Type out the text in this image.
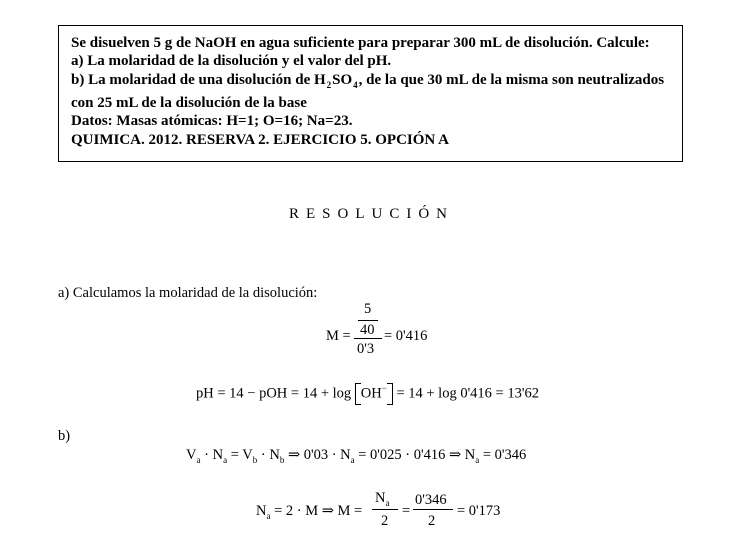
Se disuelven 5 g de NaOH en agua suficiente para preparar 300 mL de disolución. Calcule:
a) La molaridad de la disolución y el valor del pH.
b) La molaridad de una disolución de $H_2SO_4$, de la que 30 mL de la misma son neutralizados
con 25 mL de la disolución de la base
Datos: Masas atómicas: H=1; O=16; Na=23.
QUIMICA. 2012. RESERVA 2. EJERCICIO 5. OPCIÓN A
RESOLUCIÓN
a) Calculamos la molaridad de la disolución:
M =
5
40
0'3
= 0'416
pH = 14 − pOH = 14 + log OH− = 14 + log 0'416 = 13'62
b)
$V_a \cdot N_a = V_b \cdot N_b$ ⇒ $0'03 \cdot N_a = 0'025 \cdot 0'416$ ⇒ $N_a = 0'346$
$N_a = 2 \cdot M$ ⇒ M =
$N_a$
2
=
0'346
2
= 0'173
